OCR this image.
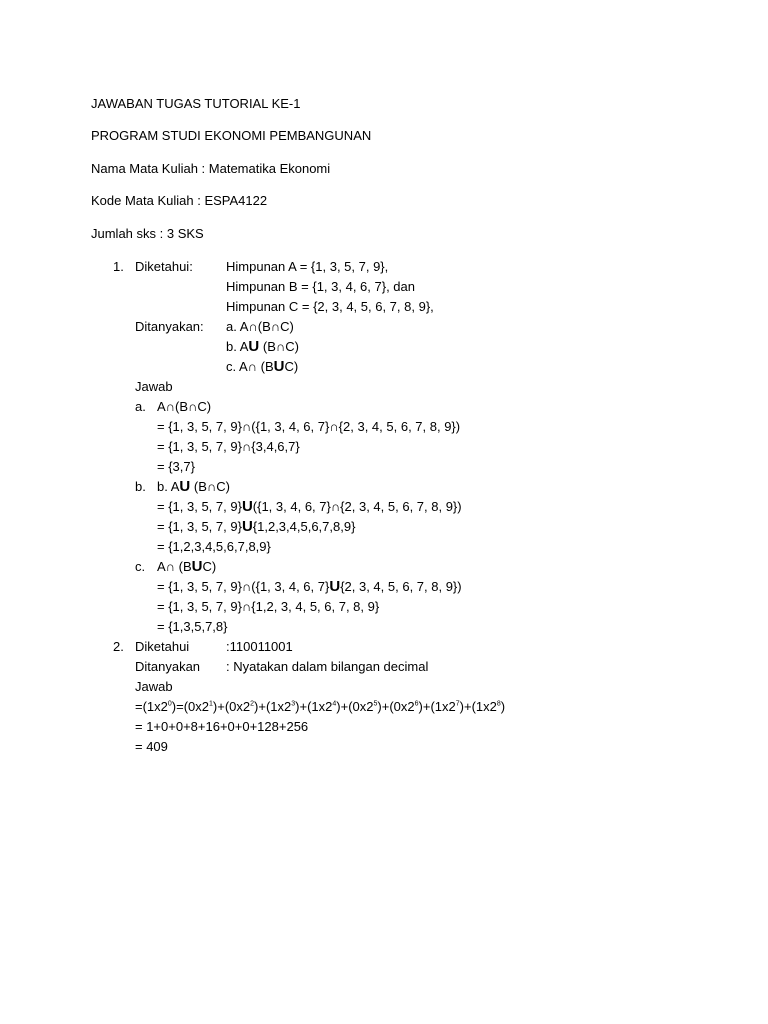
JAWABAN TUGAS TUTORIAL KE-1
PROGRAM STUDI EKONOMI PEMBANGUNAN
Nama Mata Kuliah : Matematika Ekonomi
Kode Mata Kuliah : ESPA4122
Jumlah sks : 3 SKS
1. Diketahui:	Himpunan A = {1, 3, 5, 7, 9},
Himpunan B = {1, 3, 4, 6, 7}, dan
Himpunan C = {2, 3, 4, 5, 6, 7, 8, 9},
Ditanyakan: a. A∩(B∩C)
b. AU (B∩C)
c. A∩ (BUC)
Jawab
a. A∩(B∩C)
= {1, 3, 5, 7, 9}∩({1, 3, 4, 6, 7}∩{2, 3, 4, 5, 6, 7, 8, 9})
= {1, 3, 5, 7, 9}∩{3,4,6,7}
= {3,7}
b. b. AU (B∩C)
= {1, 3, 5, 7, 9}U({1, 3, 4, 6, 7}∩{2, 3, 4, 5, 6, 7, 8, 9})
= {1, 3, 5, 7, 9}U{1,2,3,4,5,6,7,8,9}
= {1,2,3,4,5,6,7,8,9}
c. A∩ (BUC)
= {1, 3, 5, 7, 9}∩({1, 3, 4, 6, 7}U{2, 3, 4, 5, 6, 7, 8, 9})
= {1, 3, 5, 7, 9}∩{1,2, 3, 4, 5, 6, 7, 8, 9}
= {1,3,5,7,8}
2. Diketahui	:110011001
Ditanyakan : Nyatakan dalam bilangan decimal
Jawab
$=(1x2^0)=(0x2^1)+(0x2^2)+(1x2^3)+(1x2^4)+(0x2^5)+(0x2^6)+(1x2^7)+(1x2^8)$
= 1+0+0+8+16+0+0+128+256
= 409
